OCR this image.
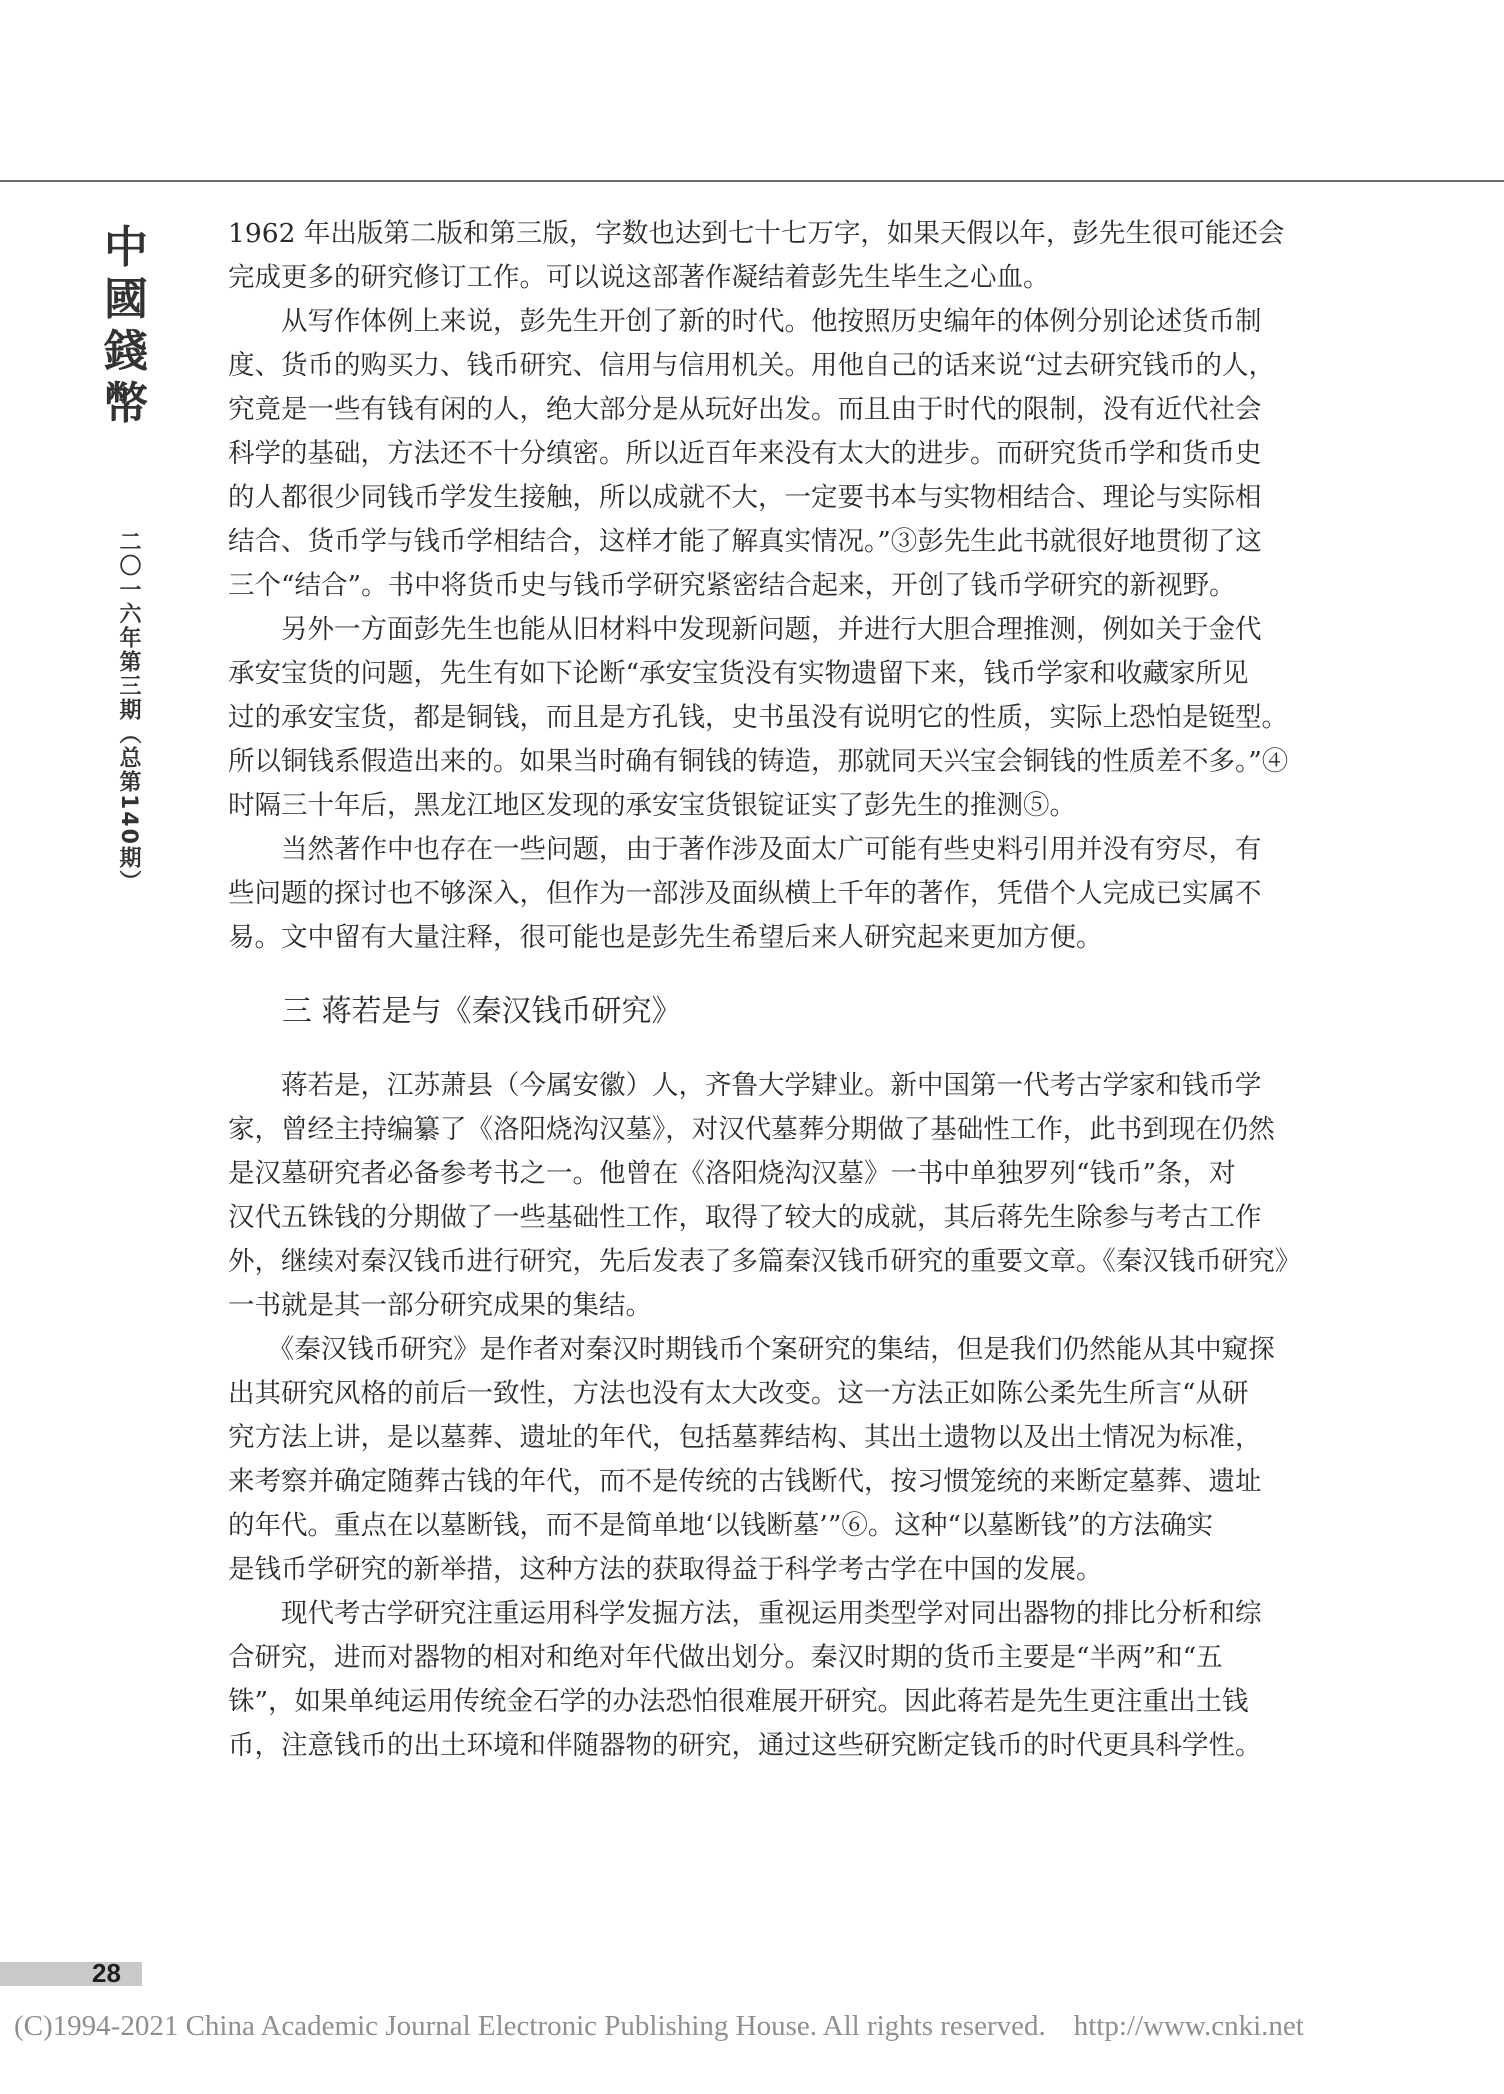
中
國
錢
幣
二〇一六年第三期（总第140期）

1962 年出版第二版和第三版，字数也达到七十七万字，如果天假以年，彭先生很可能还会
完成更多的研究修订工作。可以说这部著作凝结着彭先生毕生之心血。

　　从写作体例上来说，彭先生开创了新的时代。他按照历史编年的体例分别论述货币制
度、货币的购买力、钱币研究、信用与信用机关。用他自己的话来说“过去研究钱币的人，
究竟是一些有钱有闲的人，绝大部分是从玩好出发。而且由于时代的限制，没有近代社会
科学的基础，方法还不十分缜密。所以近百年来没有太大的进步。而研究货币学和货币史
的人都很少同钱币学发生接触，所以成就不大，一定要书本与实物相结合、理论与实际相
结合、货币学与钱币学相结合，这样才能了解真实情况。”③彭先生此书就很好地贯彻了这
三个“结合”。书中将货币史与钱币学研究紧密结合起来，开创了钱币学研究的新视野。

　　另外一方面彭先生也能从旧材料中发现新问题，并进行大胆合理推测，例如关于金代
承安宝货的问题，先生有如下论断“承安宝货没有实物遗留下来，钱币学家和收藏家所见
过的承安宝货，都是铜钱，而且是方孔钱，史书虽没有说明它的性质，实际上恐怕是铤型。
所以铜钱系假造出来的。如果当时确有铜钱的铸造，那就同天兴宝会铜钱的性质差不多。”④
时隔三十年后，黑龙江地区发现的承安宝货银锭证实了彭先生的推测⑤。

　　当然著作中也存在一些问题，由于著作涉及面太广可能有些史料引用并没有穷尽，有
些问题的探讨也不够深入，但作为一部涉及面纵横上千年的著作，凭借个人完成已实属不
易。文中留有大量注释，很可能也是彭先生希望后来人研究起来更加方便。

三 蒋若是与《秦汉钱币研究》

　　蒋若是，江苏萧县（今属安徽）人，齐鲁大学肄业。新中国第一代考古学家和钱币学
家，曾经主持编纂了《洛阳烧沟汉墓》，对汉代墓葬分期做了基础性工作，此书到现在仍然
是汉墓研究者必备参考书之一。他曾在《洛阳烧沟汉墓》一书中单独罗列“钱币”条，对
汉代五铢钱的分期做了一些基础性工作，取得了较大的成就，其后蒋先生除参与考古工作
外，继续对秦汉钱币进行研究，先后发表了多篇秦汉钱币研究的重要文章。《秦汉钱币研究》
一书就是其一部分研究成果的集结。

　　《秦汉钱币研究》是作者对秦汉时期钱币个案研究的集结，但是我们仍然能从其中窥探
出其研究风格的前后一致性，方法也没有太大改变。这一方法正如陈公柔先生所言“从研
究方法上讲，是以墓葬、遗址的年代，包括墓葬结构、其出土遗物以及出土情况为标准，
来考察并确定随葬古钱的年代，而不是传统的古钱断代，按习惯笼统的来断定墓葬、遗址
的年代。重点在以墓断钱，而不是简单地‘以钱断墓’”⑥。这种“以墓断钱”的方法确实
是钱币学研究的新举措，这种方法的获取得益于科学考古学在中国的发展。

　　现代考古学研究注重运用科学发掘方法，重视运用类型学对同出器物的排比分析和综
合研究，进而对器物的相对和绝对年代做出划分。秦汉时期的货币主要是“半两”和“五
铢”，如果单纯运用传统金石学的办法恐怕很难展开研究。因此蒋若是先生更注重出土钱
币，注意钱币的出土环境和伴随器物的研究，通过这些研究断定钱币的时代更具科学性。

28
(C)1994-2021 China Academic Journal Electronic Publishing House. All rights reserved. http://www.cnki.net
